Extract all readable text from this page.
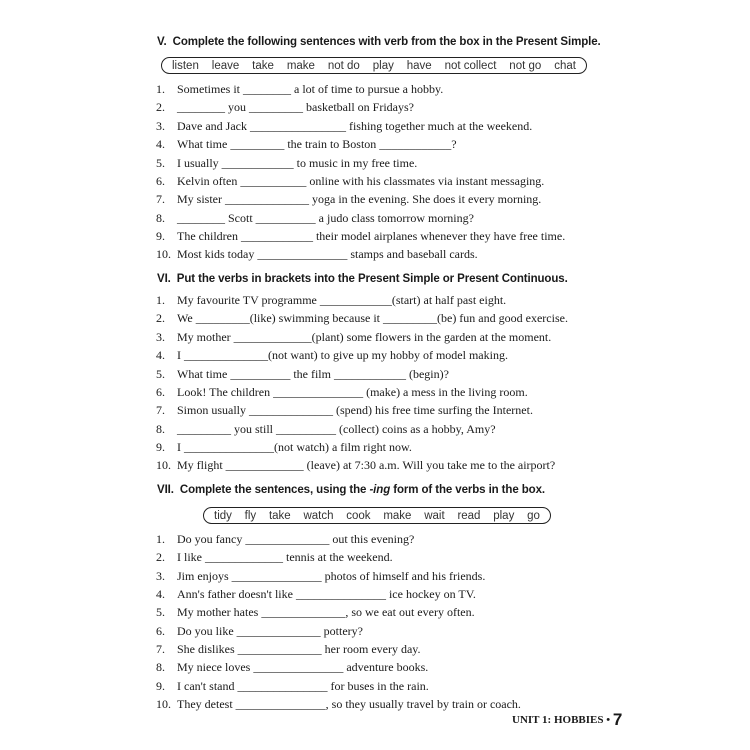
V. Complete the following sentences with verb from the box in the Present Simple.
listen leave take make not do play have not collect not go chat
1. Sometimes it ________ a lot of time to pursue a hobby.
2. ________ you _________ basketball on Fridays?
3. Dave and Jack ________________ fishing together much at the weekend.
4. What time _________ the train to Boston ____________?
5. I usually ____________ to music in my free time.
6. Kelvin often ___________ online with his classmates via instant messaging.
7. My sister ______________ yoga in the evening. She does it every morning.
8. ________ Scott __________ a judo class tomorrow morning?
9. The children ____________ their model airplanes whenever they have free time.
10. Most kids today _______________ stamps and baseball cards.
VI. Put the verbs in brackets into the Present Simple or Present Continuous.
1. My favourite TV programme ____________(start) at half past eight.
2. We _________(like) swimming because it _________(be) fun and good exercise.
3. My mother _____________(plant) some flowers in the garden at the moment.
4. I ______________(not want) to give up my hobby of model making.
5. What time __________ the film ____________ (begin)?
6. Look! The children _______________ (make) a mess in the living room.
7. Simon usually ______________ (spend) his free time surfing the Internet.
8. _________ you still __________ (collect) coins as a hobby, Amy?
9. I _______________(not watch) a film right now.
10. My flight _____________ (leave) at 7:30 a.m. Will you take me to the airport?
VII. Complete the sentences, using the -ing form of the verbs in the box.
tidy fly take watch cook make wait read play go
1. Do you fancy ______________ out this evening?
2. I like _____________ tennis at the weekend.
3. Jim enjoys _______________ photos of himself and his friends.
4. Ann's father doesn't like _______________ ice hockey on TV.
5. My mother hates ______________, so we eat out every often.
6. Do you like ______________ pottery?
7. She dislikes ______________ her room every day.
8. My niece loves _______________ adventure books.
9. I can't stand _______________ for buses in the rain.
10. They detest _______________, so they usually travel by train or coach.
UNIT 1: HOBBIES • 7
